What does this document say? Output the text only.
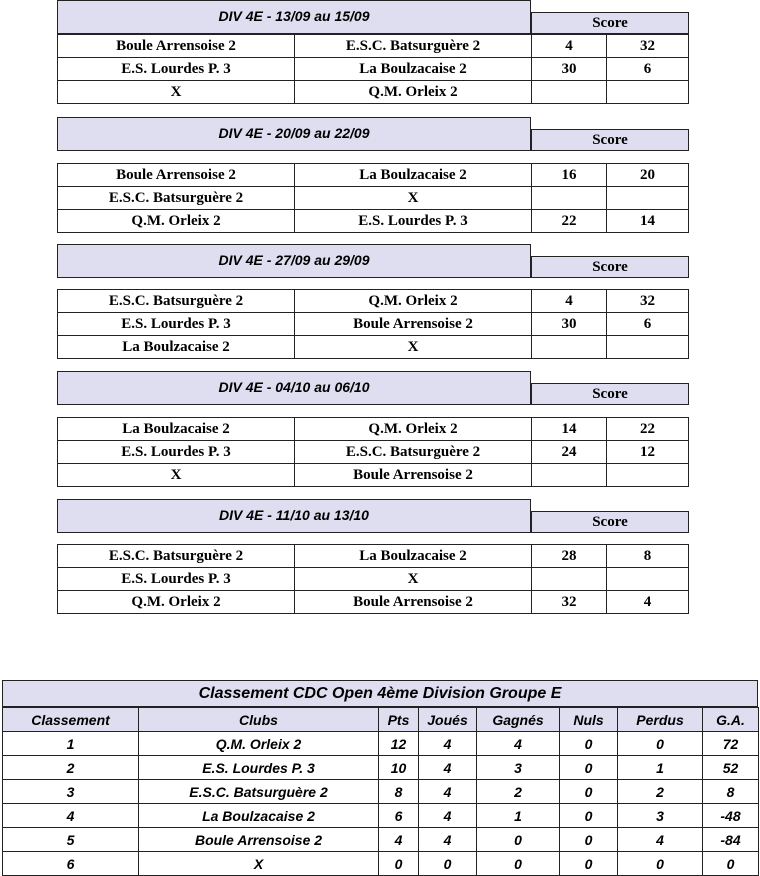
DIV 4E - 13/09 au 15/09	Score
Boule Arrensoise 2	E.S.C. Batsurguère 2	4	32
E.S. Lourdes P. 3	La Boulzacaise 2	30	6
X	Q.M. Orleix 2
DIV 4E - 20/09 au 22/09	Score
Boule Arrensoise 2	La Boulzacaise 2	16	20
E.S.C. Batsurguère 2	X
Q.M. Orleix 2	E.S. Lourdes P. 3	22	14
DIV 4E - 27/09 au 29/09	Score
E.S.C. Batsurguère 2	Q.M. Orleix 2	4	32
E.S. Lourdes P. 3	Boule Arrensoise 2	30	6
La Boulzacaise 2	X
DIV 4E - 04/10 au 06/10	Score
La Boulzacaise 2	Q.M. Orleix 2	14	22
E.S. Lourdes P. 3	E.S.C. Batsurguère 2	24	12
X	Boule Arrensoise 2
DIV 4E - 11/10 au 13/10	Score
E.S.C. Batsurguère 2	La Boulzacaise 2	28	8
E.S. Lourdes P. 3	X
Q.M. Orleix 2	Boule Arrensoise 2	32	4
Classement CDC Open 4ème Division Groupe E
Classement	Clubs	Pts	Joués	Gagnés	Nuls	Perdus	G.A.
1	Q.M. Orleix 2	12	4	4	0	0	72
2	E.S. Lourdes P. 3	10	4	3	0	1	52
3	E.S.C. Batsurguère 2	8	4	2	0	2	8
4	La Boulzacaise 2	6	4	1	0	3	-48
5	Boule Arrensoise 2	4	4	0	0	4	-84
6	X	0	0	0	0	0	0
